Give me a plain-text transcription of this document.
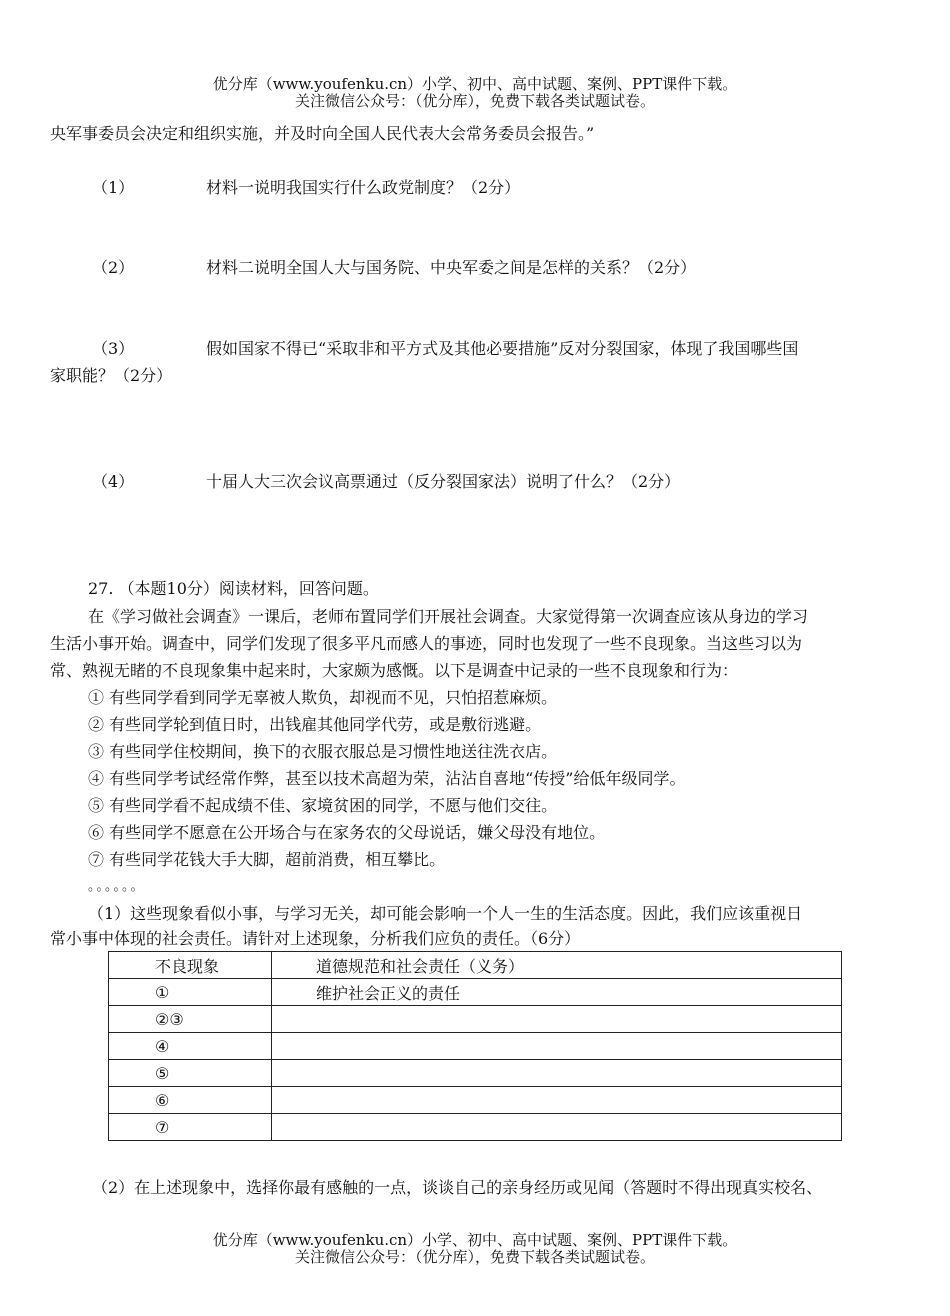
优分库（www.youfenku.cn）小学、初中、高中试题、案例、PPT课件下载。
关注微信公众号：（优分库），免费下载各类试题试卷。
央军事委员会决定和组织实施，并及时向全国人民代表大会常务委员会报告。”
（1）	材料一说明我国实行什么政党制度？（2分）
（2）	材料二说明全国人大与国务院、中央军委之间是怎样的关系？（2分）
（3）	假如国家不得已“采取非和平方式及其他必要措施”反对分裂国家，体现了我国哪些国
家职能？（2分）
（4）	十届人大三次会议高票通过（反分裂国家法）说明了什么？（2分）
27. （本题10分）阅读材料，回答问题。
在《学习做社会调查》一课后，老师布置同学们开展社会调查。大家觉得第一次调查应该从身边的学习
生活小事开始。调查中，同学们发现了很多平凡而感人的事迹，同时也发现了一些不良现象。当这些习以为
常、熟视无睹的不良现象集中起来时，大家颇为感慨。以下是调查中记录的一些不良现象和行为：
① 有些同学看到同学无辜被人欺负，却视而不见，只怕招惹麻烦。
② 有些同学轮到值日时，出钱雇其他同学代劳，或是敷衍逃避。
③ 有些同学住校期间，换下的衣服衣服总是习惯性地送往洗衣店。
④ 有些同学考试经常作弊，甚至以技术高超为荣，沾沾自喜地“传授”给低年级同学。
⑤ 有些同学看不起成绩不佳、家境贫困的同学，不愿与他们交往。
⑥ 有些同学不愿意在公开场合与在家务农的父母说话，嫌父母没有地位。
⑦ 有些同学花钱大手大脚，超前消费，相互攀比。
。。。。。。
（1）这些现象看似小事，与学习无关，却可能会影响一个人一生的生活态度。因此，我们应该重视日
常小事中体现的社会责任。请针对上述现象，分析我们应负的责任。（6分）
不良现象	道德规范和社会责任（义务）
①	维护社会正义的责任
②③	
④	
⑤	
⑥	
⑦	
（2）在上述现象中，选择你最有感触的一点，谈谈自己的亲身经历或见闻（答题时不得出现真实校名、
优分库（www.youfenku.cn）小学、初中、高中试题、案例、PPT课件下载。
关注微信公众号：（优分库），免费下载各类试题试卷。
